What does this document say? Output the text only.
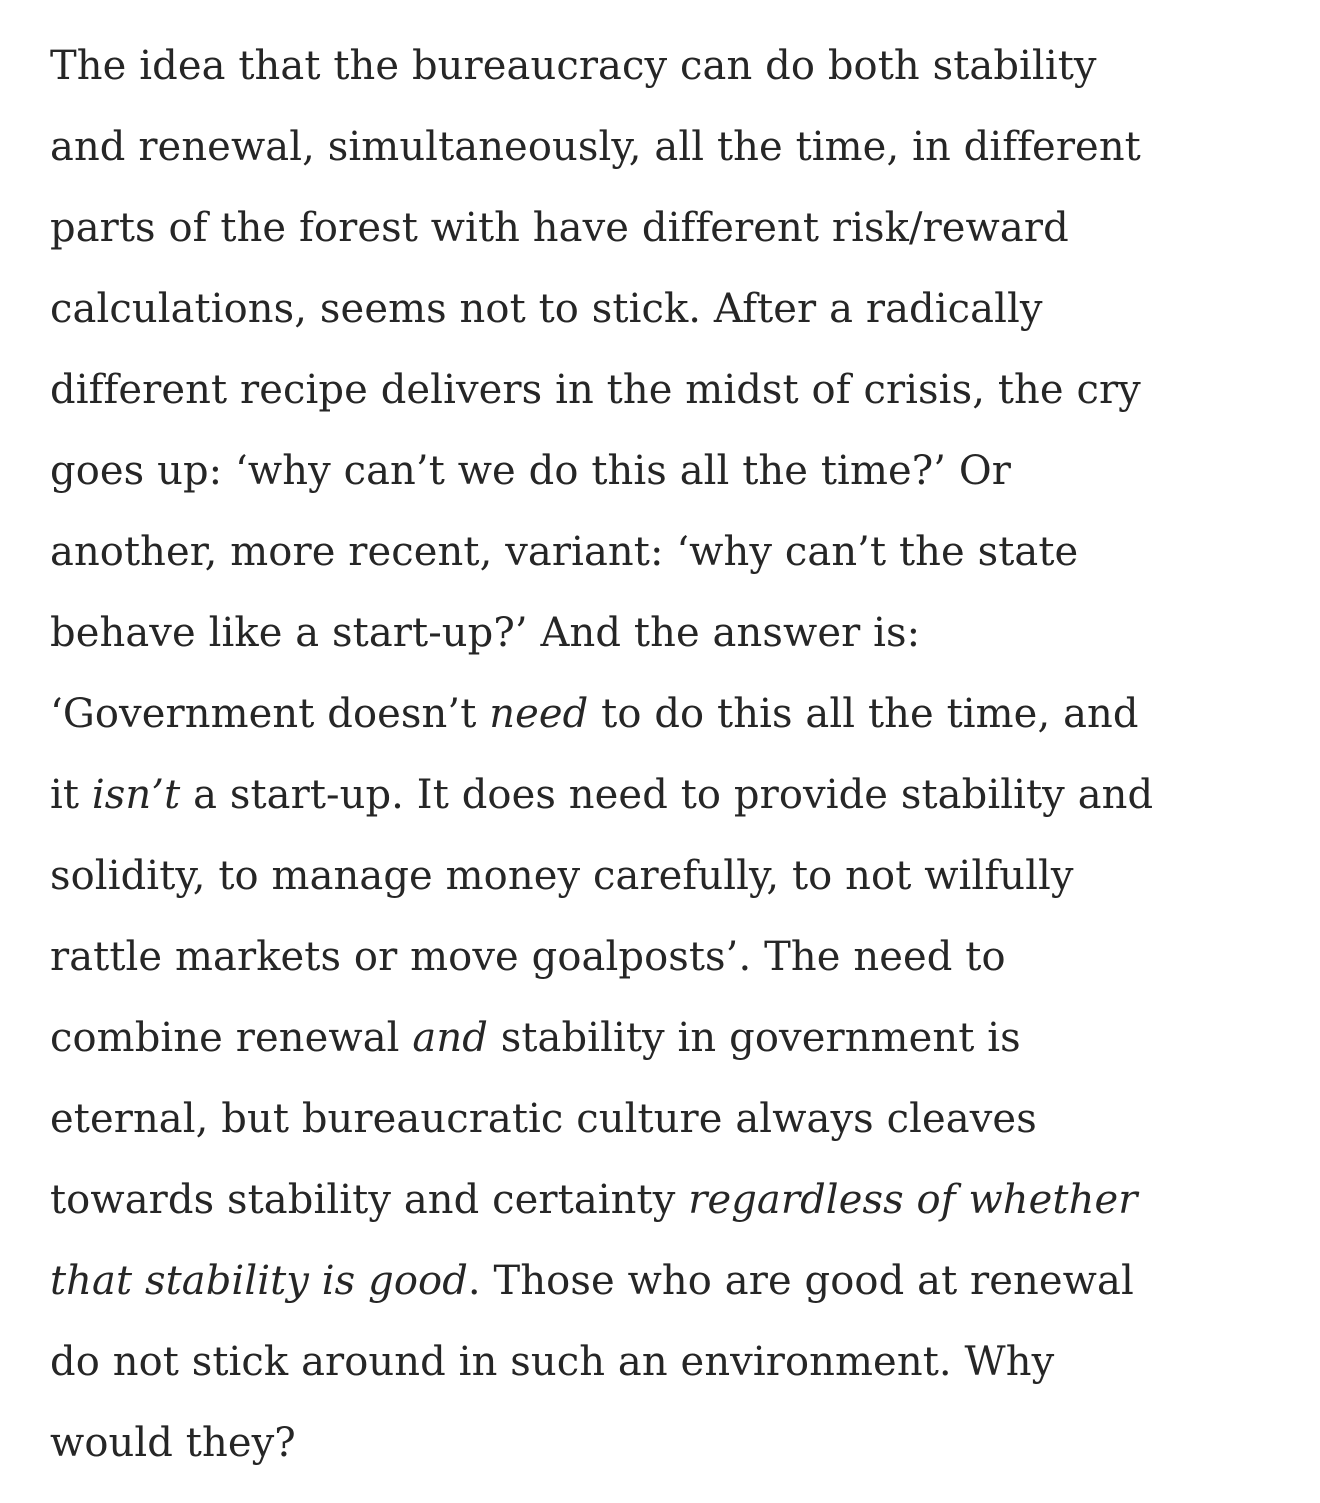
The idea that the bureaucracy can do both stability
and renewal, simultaneously, all the time, in different
parts of the forest with have different risk/reward
calculations, seems not to stick. After a radically
different recipe delivers in the midst of crisis, the cry
goes up: ‘why can’t we do this all the time?’ Or
another, more recent, variant: ‘why can’t the state
behave like a start-up?’ And the answer is:
‘Government doesn’t need to do this all the time, and
it isn’t a start-up. It does need to provide stability and
solidity, to manage money carefully, to not wilfully
rattle markets or move goalposts’. The need to
combine renewal and stability in government is
eternal, but bureaucratic culture always cleaves
towards stability and certainty regardless of whether
that stability is good. Those who are good at renewal
do not stick around in such an environment. Why
would they?
